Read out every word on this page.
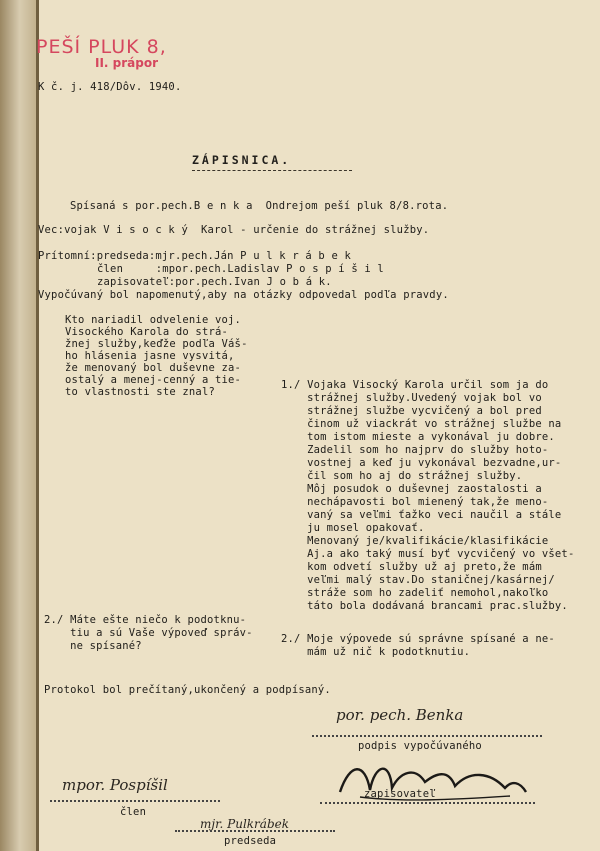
PEŠÍ PLUK 8,
II. prápor
K č. j. 418/Dôv. 1940.
ZÁPISNICA.
Spísaná s por.pech.B e n k a  Ondrejom peší pluk 8/8.rota.
Vec:vojak V i s o c k ý  Karol - určenie do strážnej služby.
Prítomní:predseda:mjr.pech.Ján P u l k r á b e k
člen     :mpor.pech.Ladislav P o s p í š i l
zapisovateľ:por.pech.Ivan J o b á k.
Vypočúvaný bol napomenutý,aby na otázky odpovedal podľa pravdy.
Kto nariadil odvelenie voj.
Visockého Karola do strá-
žnej služby,keďže podľa Váš-
ho hlásenia jasne vysvitá,
že menovaný bol duševne za-
ostalý a menej-cenný a tie-
to vlastnosti ste znal?
1./ Vojaka Visocký Karola určil som ja do
strážnej služby.Uvedený vojak bol vo
strážnej službe vycvičený a bol pred
činom už viackrát vo strážnej službe na
tom istom mieste a vykonával ju dobre.
Zadelil som ho najprv do služby hoto-
vostnej a keď ju vykonával bezvadne,ur-
čil som ho aj do strážnej služby.
Môj posudok o duševnej zaostalosti a
nechápavosti bol mienený tak,že meno-
vaný sa veľmi ťažko veci naučil a stále
ju mosel opakovať.
Menovaný je/kvalifikácie/klasifikácie
Aj.a ako taký musí byť vycvičený vo všet-
kom odvetí služby už aj preto,že mám
veľmi malý stav.Do staničnej/kasárnej/
stráže som ho zadeliť nemohol,nakoľko
táto bola dodávaná brancami prac.služby.
2./ Máte ešte niečo k podotknu-
tiu a sú Vaše výpoveď správ-
ne spísané?
2./ Moje výpovede sú správne spísané a ne-
mám už nič k podotknutiu.
Protokol bol prečítaný,ukončený a podpísaný.
por. pech. Benka
podpis vypočúvaného
mpor. Pospíšil
člen
zapisovateľ
mjr. Pulkrábek
predseda
